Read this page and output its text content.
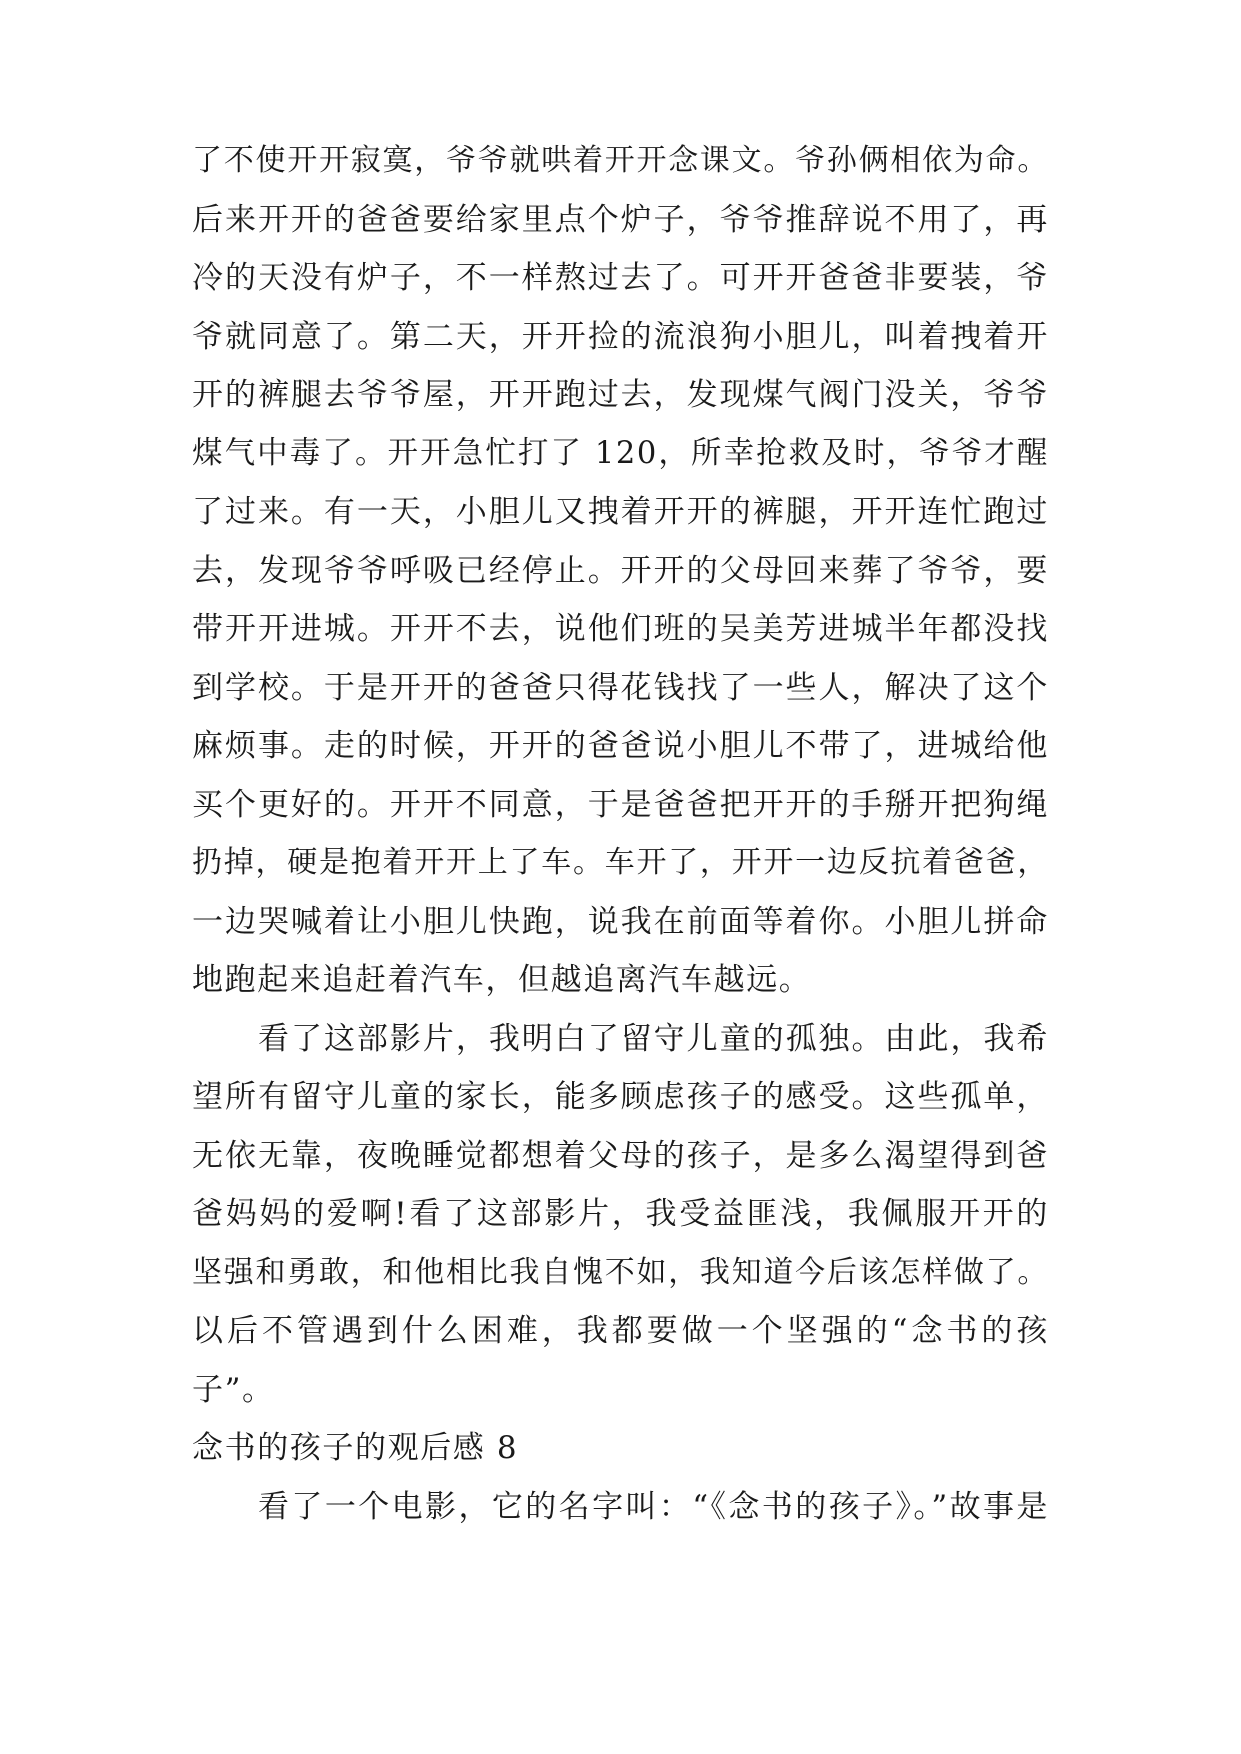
了不使开开寂寞，爷爷就哄着开开念课文。爷孙俩相依为命。
后来开开的爸爸要给家里点个炉子，爷爷推辞说不用了，再
冷的天没有炉子，不一样熬过去了。可开开爸爸非要装，爷
爷就同意了。第二天，开开捡的流浪狗小胆儿，叫着拽着开
开的裤腿去爷爷屋，开开跑过去，发现煤气阀门没关，爷爷
煤气中毒了。开开急忙打了 120，所幸抢救及时，爷爷才醒
了过来。有一天，小胆儿又拽着开开的裤腿，开开连忙跑过
去，发现爷爷呼吸已经停止。开开的父母回来葬了爷爷，要
带开开进城。开开不去，说他们班的吴美芳进城半年都没找
到学校。于是开开的爸爸只得花钱找了一些人，解决了这个
麻烦事。走的时候，开开的爸爸说小胆儿不带了，进城给他
买个更好的。开开不同意，于是爸爸把开开的手掰开把狗绳
扔掉，硬是抱着开开上了车。车开了，开开一边反抗着爸爸，
一边哭喊着让小胆儿快跑，说我在前面等着你。小胆儿拼命
地跑起来追赶着汽车，但越追离汽车越远。
看了这部影片，我明白了留守儿童的孤独。由此，我希
望所有留守儿童的家长，能多顾虑孩子的感受。这些孤单，
无依无靠，夜晚睡觉都想着父母的孩子，是多么渴望得到爸
爸妈妈的爱啊!看了这部影片，我受益匪浅，我佩服开开的
坚强和勇敢，和他相比我自愧不如，我知道今后该怎样做了。
以后不管遇到什么困难，我都要做一个坚强的“念书的孩
子”。
念书的孩子的观后感 8
看了一个电影，它的名字叫：“《念书的孩子》。”故事是
